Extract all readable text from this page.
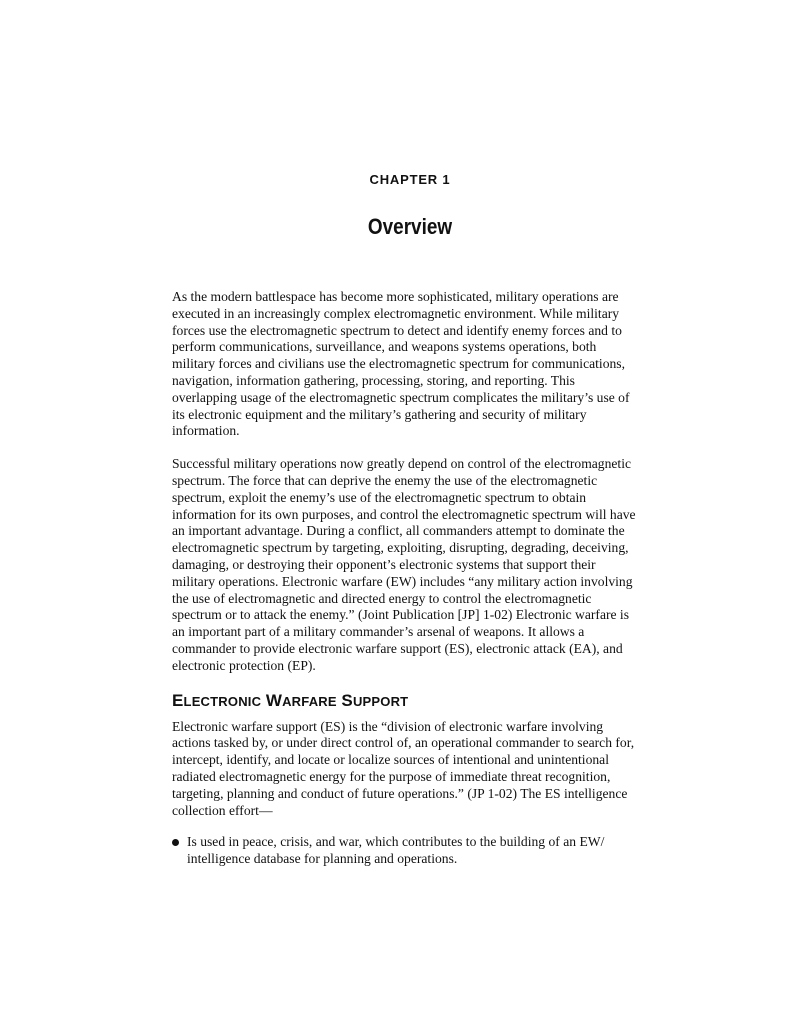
CHAPTER 1
Overview

As the modern battlespace has become more sophisticated, military operations are executed in an increasingly complex electromagnetic environment. While military forces use the electromagnetic spectrum to detect and identify enemy forces and to perform communications, surveillance, and weapons systems operations, both military forces and civilians use the electromagnetic spectrum for communications, navigation, information gathering, processing, storing, and reporting. This overlapping usage of the electromagnetic spectrum complicates the military’s use of its electronic equipment and the military’s gathering and security of military information.

Successful military operations now greatly depend on control of the electromagnetic spectrum. The force that can deprive the enemy the use of the electromagnetic spectrum, exploit the enemy’s use of the electromagnetic spectrum to obtain information for its own purposes, and control the electromagnetic spectrum will have an important advantage. During a conflict, all commanders attempt to dominate the electromagnetic spectrum by targeting, exploiting, disrupting, degrading, deceiving, damaging, or destroying their opponent’s electronic systems that support their military operations. Electronic warfare (EW) includes “any military action involving the use of electromagnetic and directed energy to control the electromagnetic spectrum or to attack the enemy.” (Joint Publication [JP] 1-02) Electronic warfare is an important part of a military commander’s arsenal of weapons. It allows a commander to provide electronic warfare support (ES), electronic attack (EA), and electronic protection (EP).

ELECTRONIC WARFARE SUPPORT

Electronic warfare support (ES) is the “division of electronic warfare involving actions tasked by, or under direct control of, an operational commander to search for, intercept, identify, and locate or localize sources of intentional and unintentional radiated electromagnetic energy for the purpose of immediate threat recognition, targeting, planning and conduct of future operations.” (JP 1-02) The ES intelligence collection effort—

Is used in peace, crisis, and war, which contributes to the building of an EW/ intelligence database for planning and operations.
